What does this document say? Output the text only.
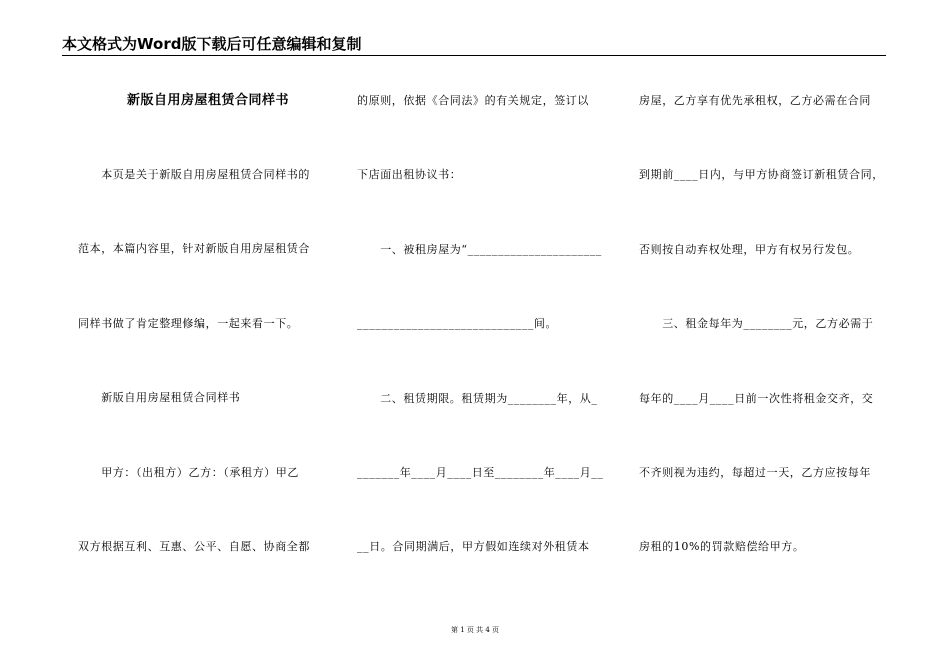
本文格式为Word版下载后可任意编辑和复制
新版自用房屋租赁合同样书
　　本页是关于新版自用房屋租赁合同样书的
范本，本篇内容里，针对新版自用房屋租赁合
同样书做了肯定整理修编，一起来看一下。
　　新版自用房屋租赁合同样书
　　甲方：（出租方）乙方：（承租方）甲乙
双方根据互利、互惠、公平、自愿、协商全都
的原则，依据《合同法》的有关规定，签订以
下店面出租协议书：
　　一、被租房屋为“______________________
_____________________________间。
　　二、租赁期限。租赁期为________年，从_
_______年____月____日至________年____月__
__日。合同期满后，甲方假如连续对外租赁本
房屋，乙方享有优先承租权，乙方必需在合同
到期前____日内，与甲方协商签订新租赁合同，
否则按自动弃权处理，甲方有权另行发包。
　　三、租金每年为________元，乙方必需于
每年的____月____日前一次性将租金交齐，交
不齐则视为违约，每超过一天，乙方应按每年
房租的10%的罚款赔偿给甲方。
第 1 页 共 4 页
